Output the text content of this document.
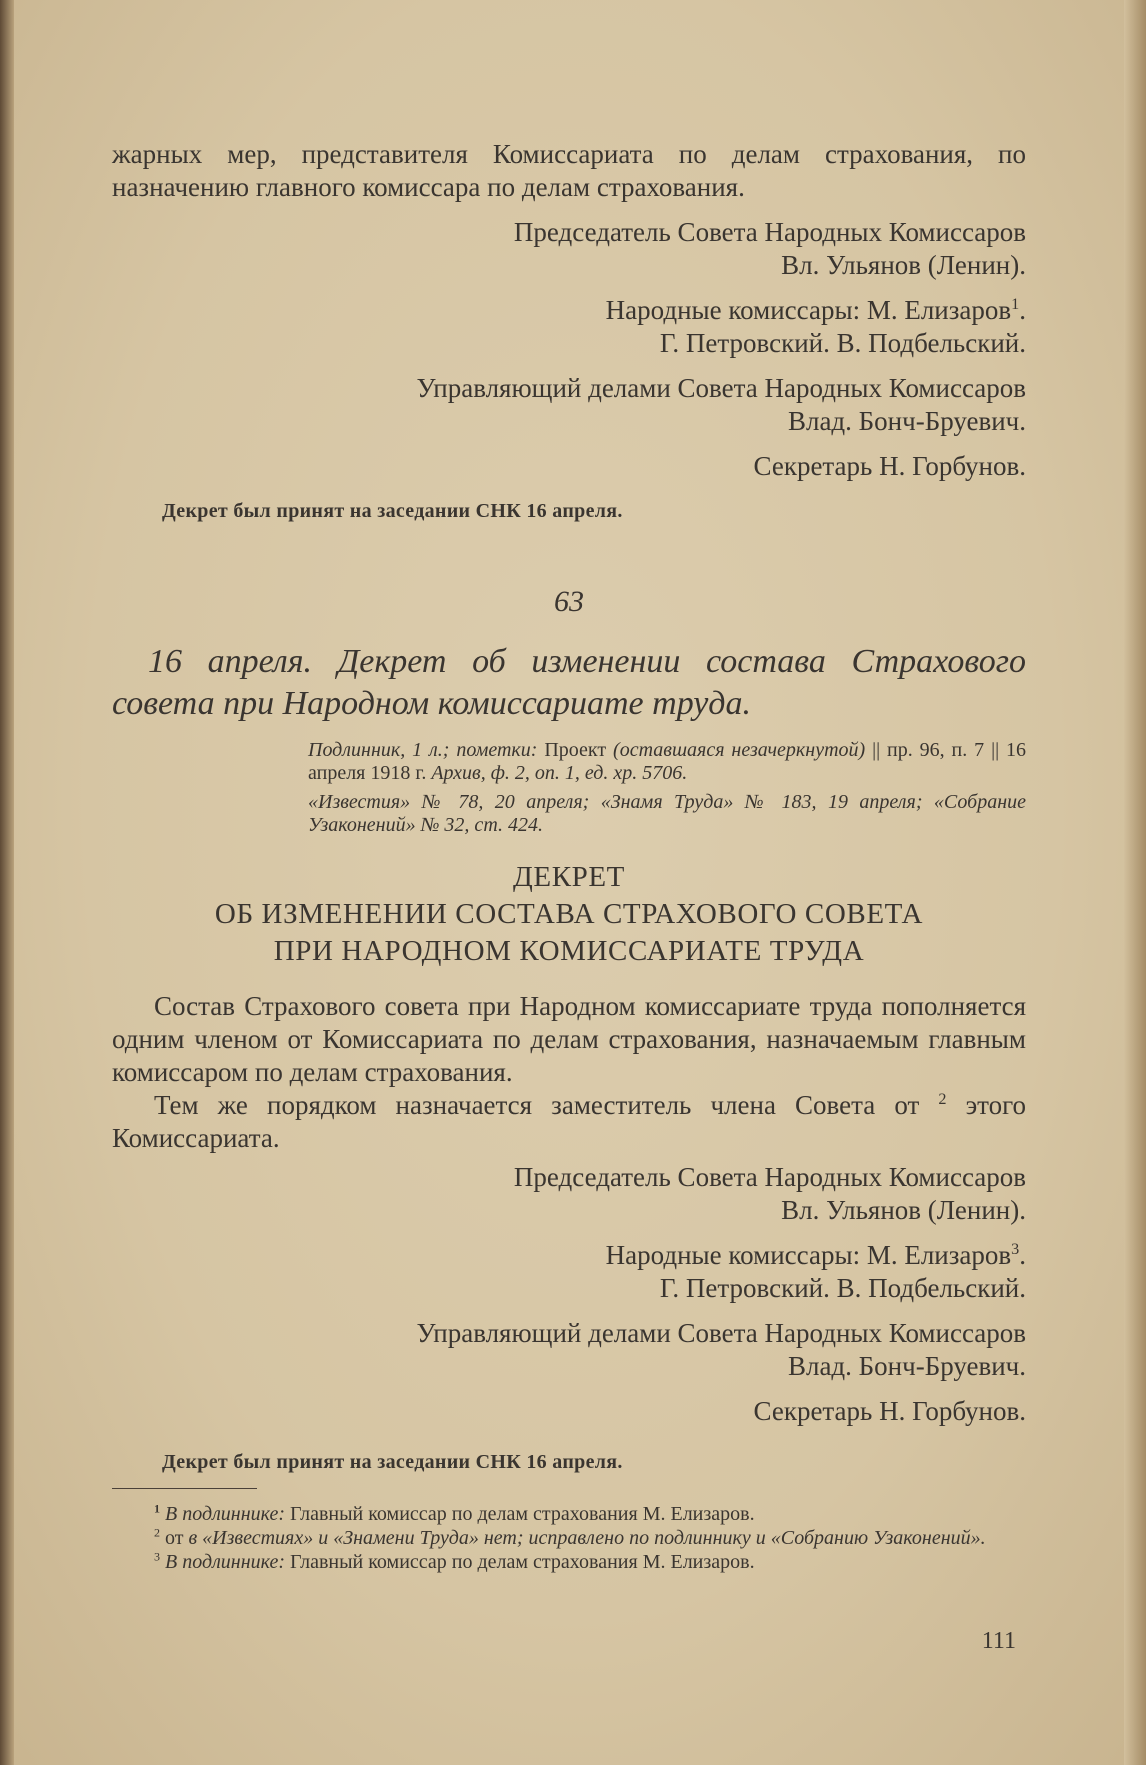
жарных мер, представителя Комиссариата по делам страхования, по назначению главного комиссара по делам страхования.

Председатель Совета Народных Комиссаров

Вл. Ульянов (Ленин).

Народные комиссары: М. Елизаров$^1$.

Г. Петровский. В. Подбельский.

Управляющий делами Совета Народных Комиссаров

Влад. Бонч-Бруевич.

Секретарь Н. Горбунов.

Декрет был принят на заседании СНК 16 апреля.

63

16 апреля. Декрет об изменении состава Страхового совета при Народном комиссариате труда.

Подлинник, 1 л.; пометки: Проект (оставшаяся незачеркнутой) || пр. 96, п. 7 || 16 апреля 1918 г. Архив, ф. 2, оп. 1, ед. хр. 5706.

«Известия» № 78, 20 апреля; «Знамя Труда» № 183, 19 апреля; «Собрание Узаконений» № 32, ст. 424.

ДЕКРЕТ

ОБ ИЗМЕНЕНИИ СОСТАВА СТРАХОВОГО СОВЕТА

ПРИ НАРОДНОМ КОМИССАРИАТЕ ТРУДА

Состав Страхового совета при Народном комиссариате труда пополняется одним членом от Комиссариата по делам страхования, назначаемым главным комиссаром по делам страхования.

Тем же порядком назначается заместитель члена Совета от $^2$ этого Комиссариата.

Председатель Совета Народных Комиссаров

Вл. Ульянов (Ленин).

Народные комиссары: М. Елизаров$^3$.

Г. Петровский. В. Подбельский.

Управляющий делами Совета Народных Комиссаров

Влад. Бонч-Бруевич.

Секретарь Н. Горбунов.

Декрет был принят на заседании СНК 16 апреля.

$^1$ В подлиннике: Главный комиссар по делам страхования М. Елизаров.

$^2$ от в «Известиях» и «Знамени Труда» нет; исправлено по подлиннику и «Собранию Узаконений».

$^3$ В подлиннике: Главный комиссар по делам страхования М. Елизаров.

111
